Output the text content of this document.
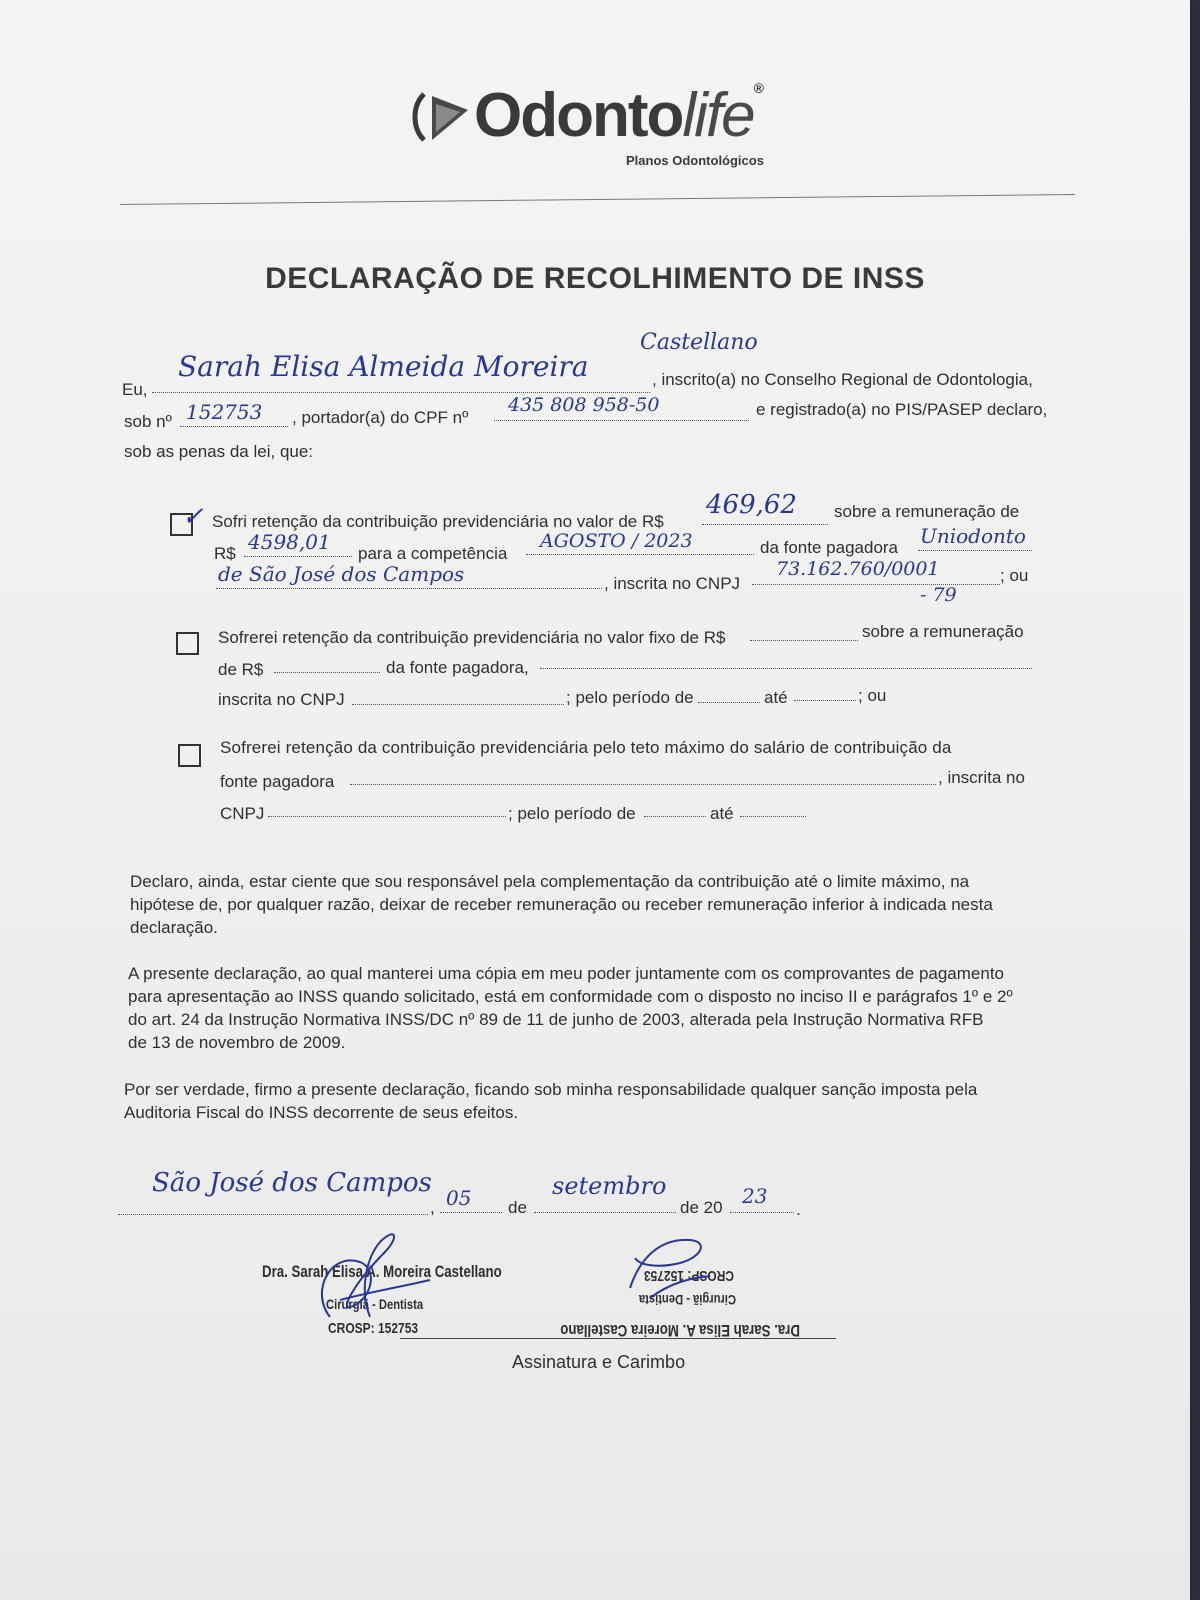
Odontolife®
Planos Odontológicos
DECLARAÇÃO DE RECOLHIMENTO DE INSS
Eu,
Sarah Elisa Almeida Moreira
Castellano
, inscrito(a) no Conselho Regional de Odontologia,
sob nº 152753 , portador(a) do CPF nº
435 808 958-50	e registrado(a) no PIS/PASEP declaro,
sob as penas da lei, que:
✓ Sofri retenção da contribuição previdenciária no valor de R$
469,62 sobre a remuneração de
R$ 4598,01 para a competência
AGOSTO / 2023	da fonte pagadora Uniodonto
de São José dos Campos	, inscrita no CNPJ
73.162.760/0001
- 79
; ou
Sofrerei retenção da contribuição previdenciária no valor fixo de R$	sobre a remuneração
de R$	da fonte pagadora,
inscrita no CNPJ	; pelo período de	até	; ou
Sofrerei retenção da contribuição previdenciária pelo teto máximo do salário de contribuição da
fonte pagadora	, inscrita no
CNPJ	; pelo período de	até
Declaro, ainda, estar ciente que sou responsável pela complementação da contribuição até o limite máximo, na
hipótese de, por qualquer razão, deixar de receber remuneração ou receber remuneração inferior à indicada nesta
declaração.
A presente declaração, ao qual manterei uma cópia em meu poder juntamente com os comprovantes de pagamento
para apresentação ao INSS quando solicitado, está em conformidade com o disposto no inciso II e parágrafos 1º e 2º
do art. 24 da Instrução Normativa INSS/DC nº 89 de 11 de junho de 2003, alterada pela Instrução Normativa RFB
de 13 de novembro de 2009.
Por ser verdade, firmo a presente declaração, ficando sob minha responsabilidade qualquer sanção imposta pela
Auditoria Fiscal do INSS decorrente de seus efeitos.
São José dos Campos
, 05 de
setembro
de 20 23
.
Dra. Sarah Elisa A. Moreira Castellano
Cirurgiã - Dentista
CROSP: 152753	Dra. Sarah Elisa A. Moreira Castellano
Cirurgiã - Dentista
CROSP: 152753
Assinatura e Carimbo
